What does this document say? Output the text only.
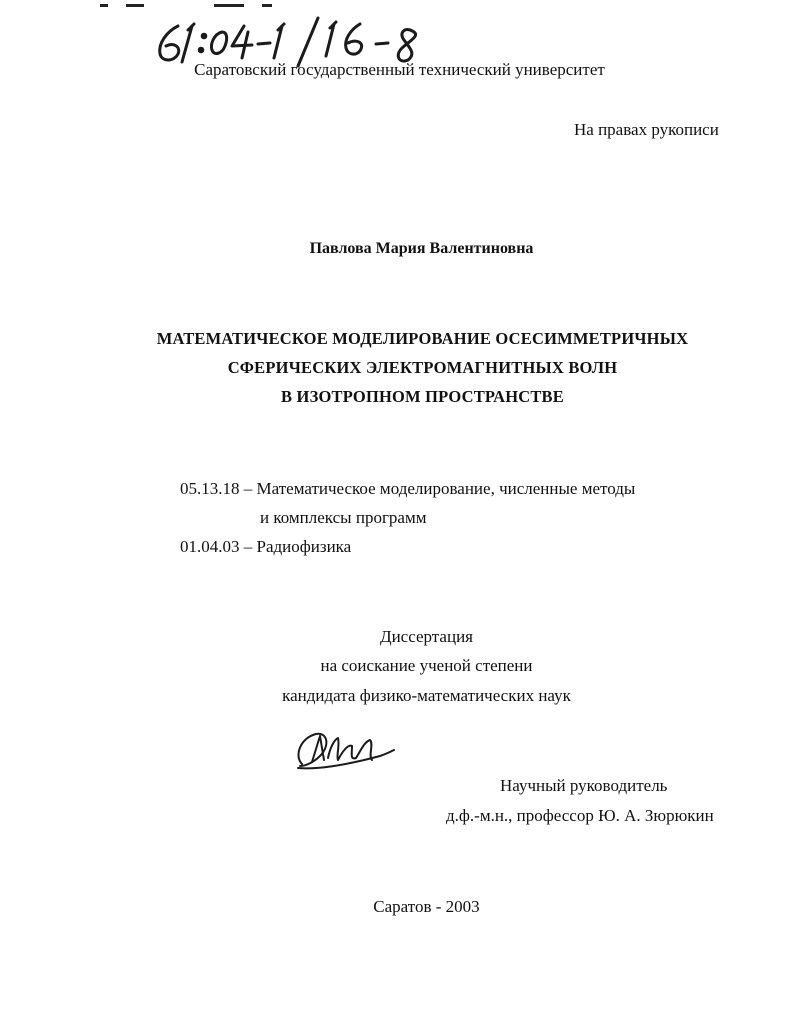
Саратовский государственный технический университет
На правах рукописи
Павлова Мария Валентиновна
МАТЕМАТИЧЕСКОЕ МОДЕЛИРОВАНИЕ ОСЕСИММЕТРИЧНЫХ
СФЕРИЧЕСКИХ ЭЛЕКТРОМАГНИТНЫХ ВОЛН
В ИЗОТРОПНОМ ПРОСТРАНСТВЕ
05.13.18 – Математическое моделирование, численные методы
и комплексы программ
01.04.03 – Радиофизика
Диссертация
на соискание ученой степени
кандидата физико-математических наук
Научный руководитель
д.ф.-м.н., профессор Ю. А. Зюрюкин
Саратов - 2003
